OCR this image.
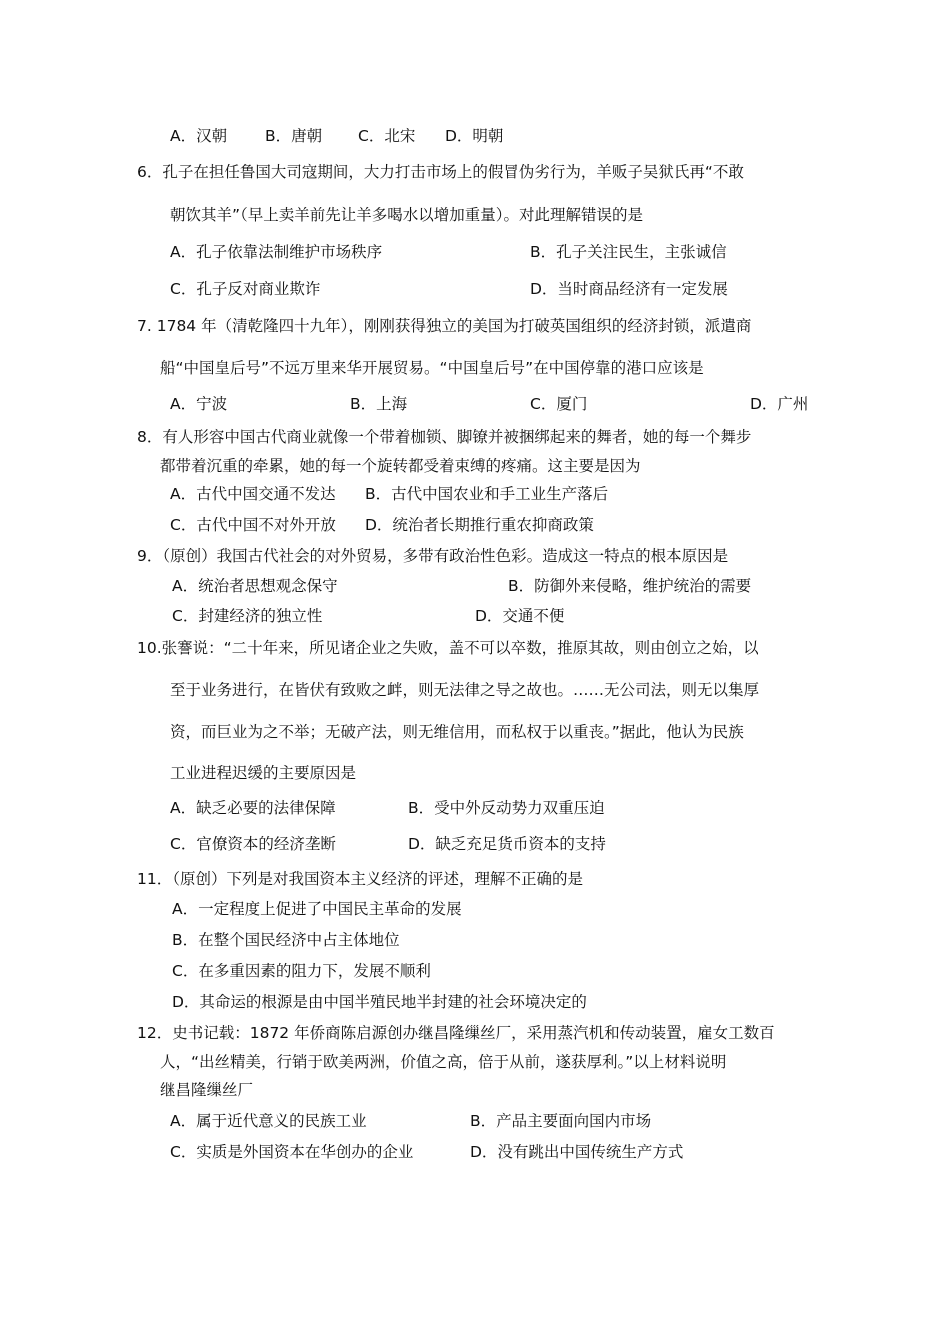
A．汉朝 B．唐朝 C．北宋 D．明朝
6．孔子在担任鲁国大司寇期间，大力打击市场上的假冒伪劣行为，羊贩子吴狱氏再“不敢
朝饮其羊”（早上卖羊前先让羊多喝水以增加重量）。对此理解错误的是
A．孔子依靠法制维护市场秩序	B．孔子关注民生，主张诚信
C．孔子反对商业欺诈	D．当时商品经济有一定发展
7. 1784 年（清乾隆四十九年），刚刚获得独立的美国为打破英国组织的经济封锁，派遣商
船“中国皇后号”不远万里来华开展贸易。“中国皇后号”在中国停靠的港口应该是
A．宁波	B．上海	C．厦门	D．广州
8．有人形容中国古代商业就像一个带着枷锁、脚镣并被捆绑起来的舞者，她的每一个舞步
都带着沉重的牵累，她的每一个旋转都受着束缚的疼痛。这主要是因为
A．古代中国交通不发达 B．古代中国农业和手工业生产落后
C．古代中国不对外开放 D．统治者长期推行重农抑商政策
9．（原创）我国古代社会的对外贸易，多带有政治性色彩。造成这一特点的根本原因是
A．统治者思想观念保守	B．防御外来侵略，维护统治的需要
C．封建经济的独立性	D．交通不便
10.张謇说：“二十年来，所见诸企业之失败，盖不可以卒数，推原其故，则由创立之始，以
至于业务进行，在皆伏有致败之衅，则无法律之导之故也。……无公司法，则无以集厚
资，而巨业为之不举；无破产法，则无维信用，而私权于以重丧。”据此，他认为民族
工业进程迟缓的主要原因是
A．缺乏必要的法律保障	B．受中外反动势力双重压迫
C．官僚资本的经济垄断	D．缺乏充足货币资本的支持
11．（原创）下列是对我国资本主义经济的评述，理解不正确的是
A．一定程度上促进了中国民主革命的发展
B．在整个国民经济中占主体地位
C．在多重因素的阻力下，发展不顺利
D．其命运的根源是由中国半殖民地半封建的社会环境决定的
12．史书记载：1872 年侨商陈启源创办继昌隆缫丝厂，采用蒸汽机和传动装置，雇女工数百
人，“出丝精美，行销于欧美两洲，价值之高，倍于从前，遂获厚利。”以上材料说明
继昌隆缫丝厂
A．属于近代意义的民族工业	B．产品主要面向国内市场
C．实质是外国资本在华创办的企业	D．没有跳出中国传统生产方式
